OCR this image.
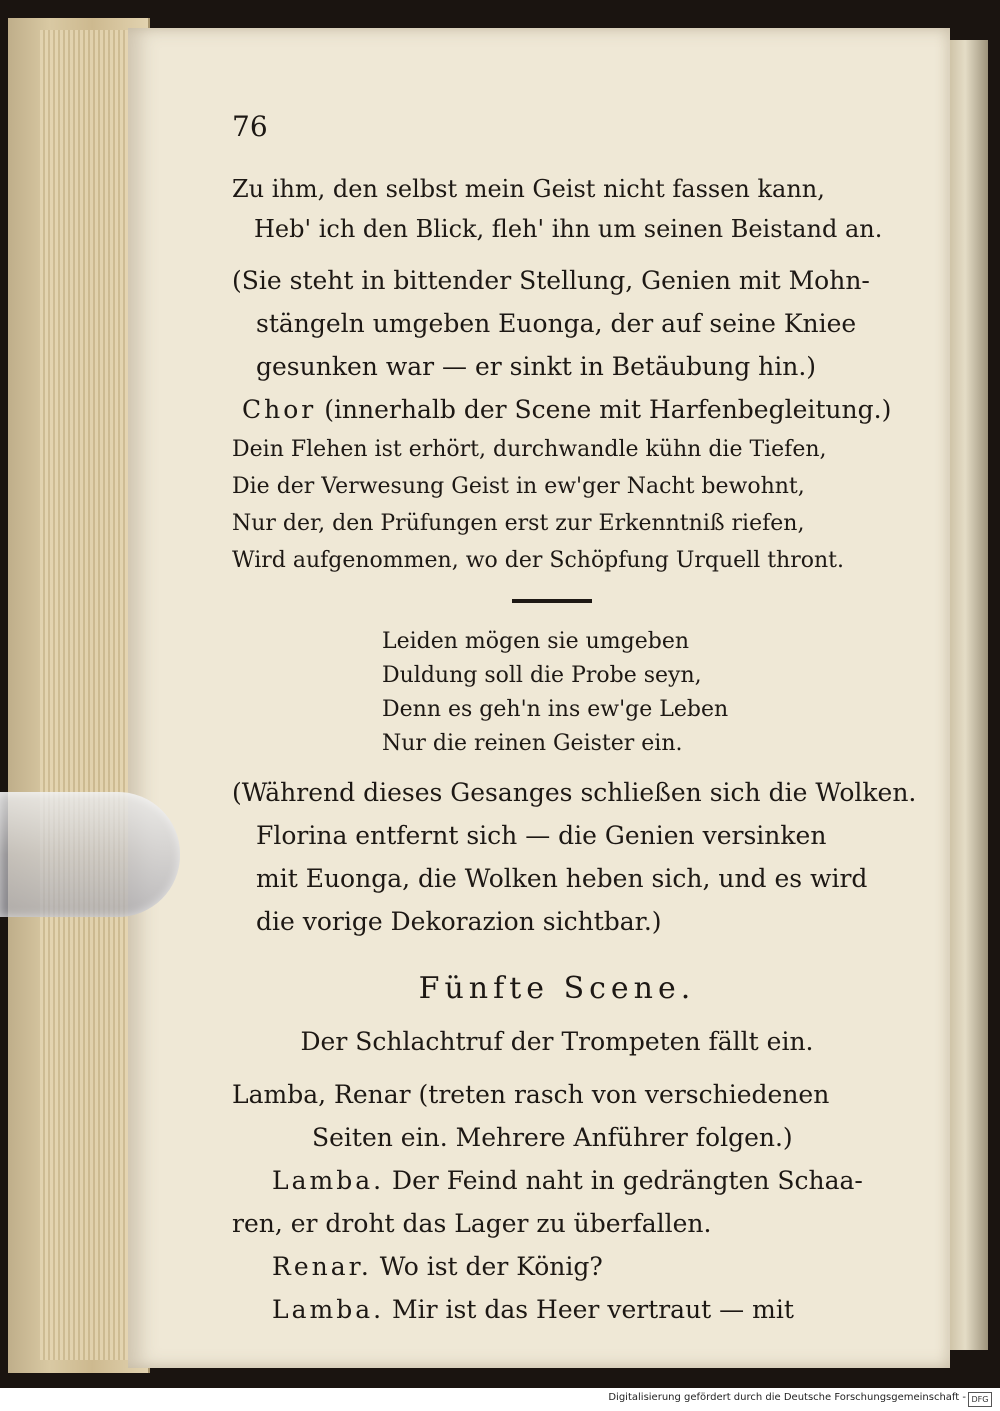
76
Zu ihm, den selbst mein Geist nicht fassen kann,
Heb' ich den Blick, fleh' ihn um seinen Beistand an.
(Sie steht in bittender Stellung, Genien mit Mohn-
stängeln umgeben Euonga, der auf seine Kniee
gesunken war — er sinkt in Betäubung hin.)
Chor (innerhalb der Scene mit Harfenbegleitung.)
Dein Flehen ist erhört, durchwandle kühn die Tiefen,
Die der Verwesung Geist in ew'ger Nacht bewohnt,
Nur der, den Prüfungen erst zur Erkenntniß riefen,
Wird aufgenommen, wo der Schöpfung Urquell thront.
Leiden mögen sie umgeben
Duldung soll die Probe seyn,
Denn es geh'n ins ew'ge Leben
Nur die reinen Geister ein.
(Während dieses Gesanges schließen sich die Wolken.
Florina entfernt sich — die Genien versinken
mit Euonga, die Wolken heben sich, und es wird
die vorige Dekorazion sichtbar.)
Fünfte Scene.
Der Schlachtruf der Trompeten fällt ein.
Lamba, Renar (treten rasch von verschiedenen
Seiten ein. Mehrere Anführer folgen.)
Lamba. Der Feind naht in gedrängten Schaa-
ren, er droht das Lager zu überfallen.
Renar. Wo ist der König?
Lamba. Mir ist das Heer vertraut — mit
Digitalisierung gefördert durch die Deutsche Forschungsgemeinschaft - DFG
